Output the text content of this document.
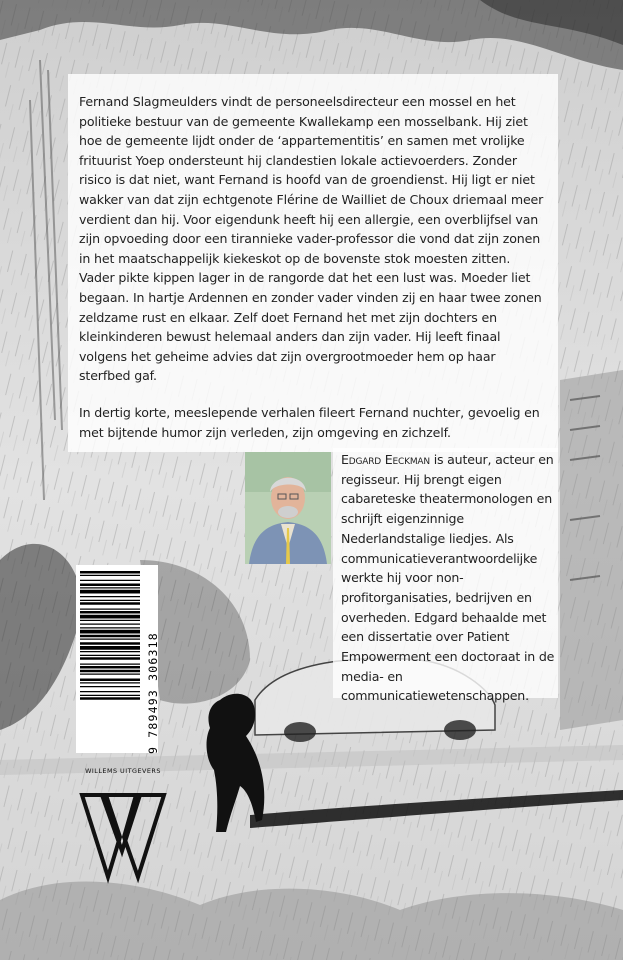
Fernand Slagmeulders vindt de personeelsdirecteur een mossel en het politieke bestuur van de gemeente Kwallekamp een mosselbank. Hij ziet hoe de gemeente lijdt onder de ‘appartementitis’ en samen met vrolijke frituurist Yoep ondersteunt hij clandestien lokale actievoerders. Zonder risico is dat niet, want Fernand is hoofd van de groendienst. Hij ligt er niet wakker van dat zijn echtgenote Flérine de Wailliet de Choux driemaal meer verdient dan hij. Voor eigendunk heeft hij een allergie, een overblijfsel van zijn opvoeding door een tirannieke vader-professor die vond dat zijn zonen in het maatschappelijk kiekeskot op de bovenste stok moesten zitten. Vader pikte kippen lager in de rangorde dat het een lust was. Moeder liet begaan. In hartje Ardennen en zonder vader vinden zij en haar twee zonen zeldzame rust en elkaar. Zelf doet Fernand het met zijn dochters en kleinkinderen bewust helemaal anders dan zijn vader. Hij leeft finaal volgens het geheime advies dat zijn overgrootmoeder hem op haar sterfbed gaf.

In dertig korte, meeslepende verhalen fileert Fernand nuchter, gevoelig en met bijtende humor zijn verleden, zijn omgeving en zichzelf.

Edgard Eeckman is auteur, acteur en regisseur. Hij brengt eigen cabareteske theatermonologen en schrijft eigenzinnige Nederlandstalige liedjes. Als communicatieverantwoordelijke werkte hij voor non-profitorganisaties, bedrijven en overheden. Edgard behaalde met een dissertatie over Patient Empowerment een doctoraat in de media- en communicatiewetenschappen.
9 789493 306318
WILLEMS UITGEVERS
